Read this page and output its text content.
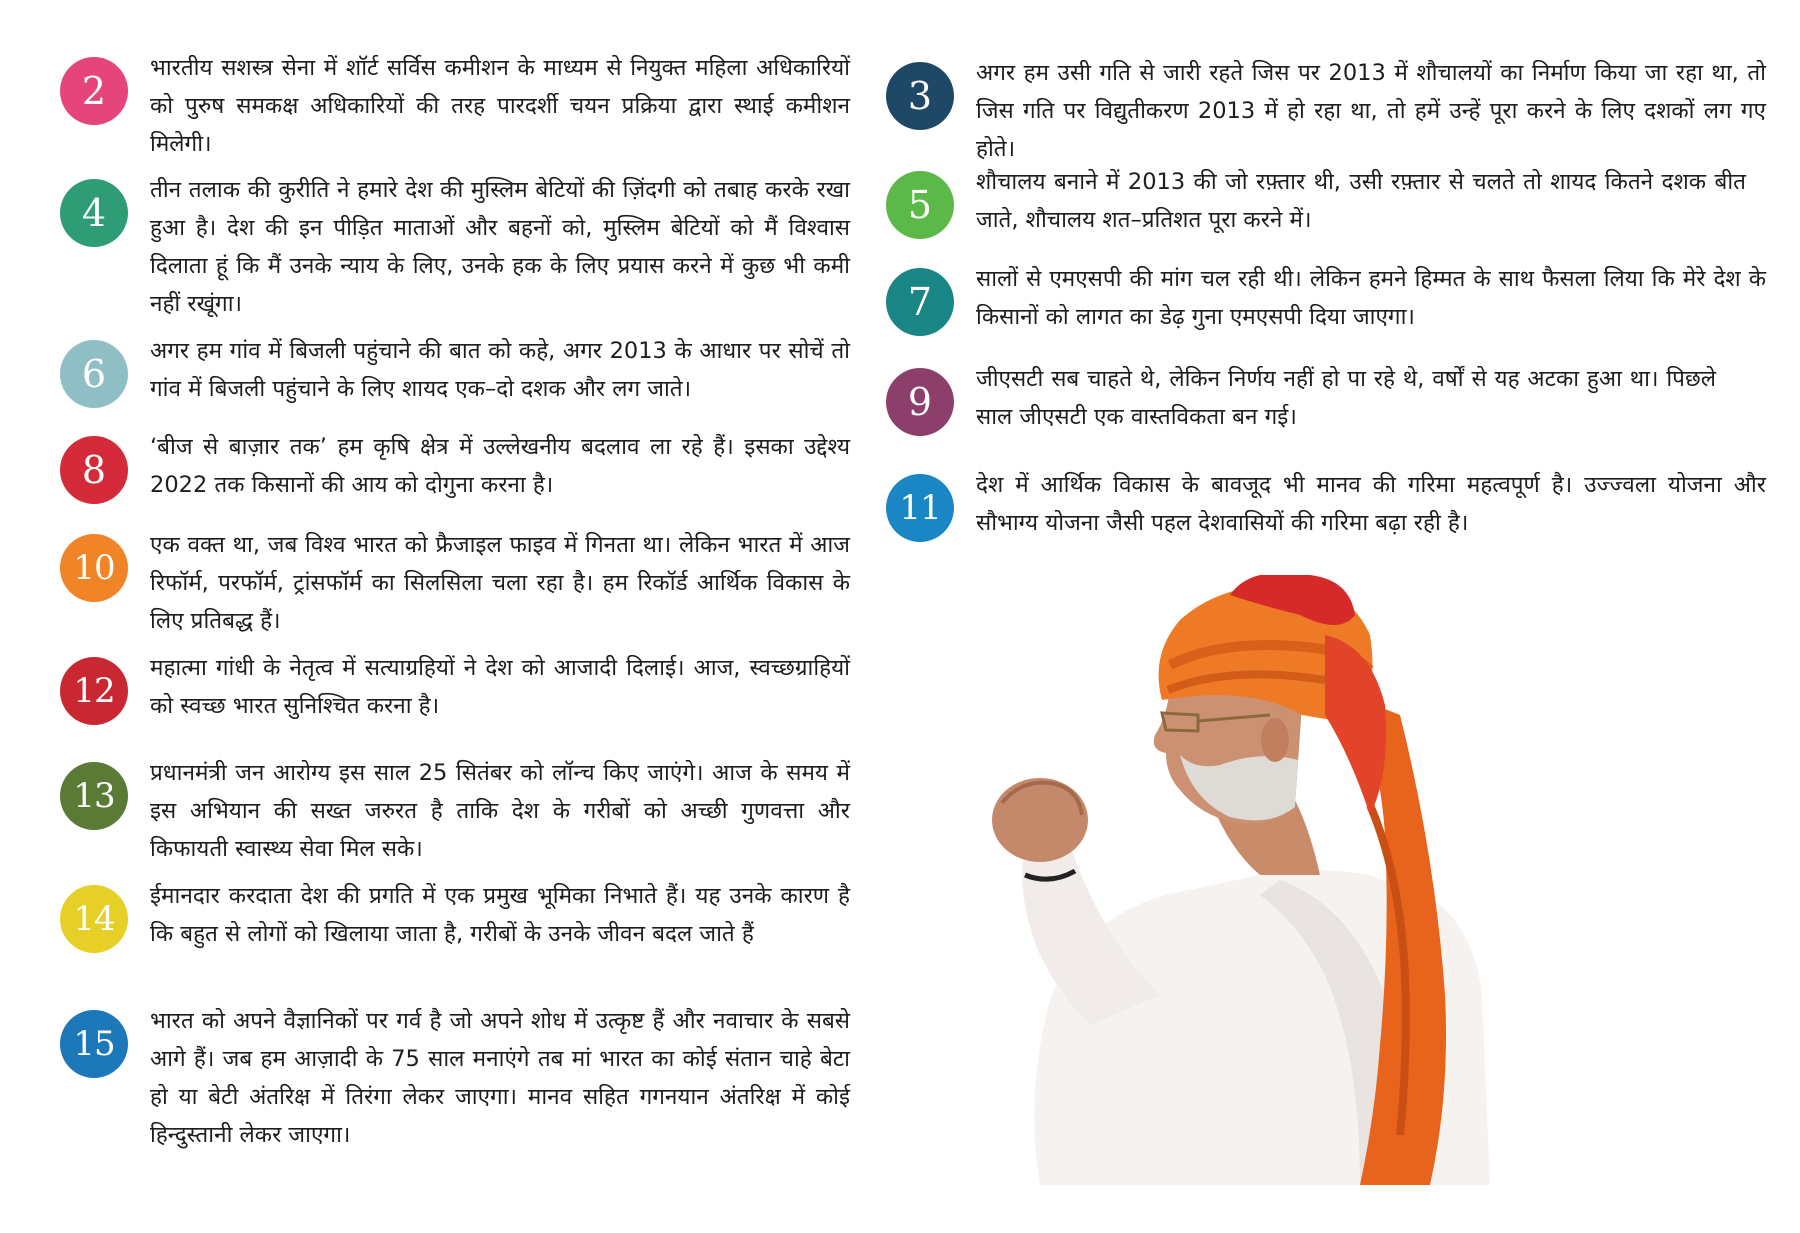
2
भारतीय सशस्त्र सेना में शॉर्ट सर्विस कमीशन के माध्यम से नियुक्त महिला अधिकारियों को पुरुष समकक्ष अधिकारियों की तरह पारदर्शी चयन प्रक्रिया द्वारा स्थाई कमीशन मिलेगी।
4
तीन तलाक की कुरीति ने हमारे देश की मुस्लिम बेटियों की ज़िंदगी को तबाह करके रखा हुआ है। देश की इन पीड़ित माताओं और बहनों को, मुस्लिम बेटियों को मैं विश्वास दिलाता हूं कि मैं उनके न्याय के लिए, उनके हक के लिए प्रयास करने में कुछ भी कमी नहीं रखूंगा।
6
अगर हम गांव में बिजली पहुंचाने की बात को कहे, अगर 2013 के आधार पर सोचें तो गांव में बिजली पहुंचाने के लिए शायद एक–दो दशक और लग जाते।
8
‘बीज से बाज़ार तक’ हम कृषि क्षेत्र में उल्लेखनीय बदलाव ला रहे हैं। इसका उद्देश्य 2022 तक किसानों की आय को दोगुना करना है।
10
एक वक्त था, जब विश्व भारत को फ्रैजाइल फाइव में गिनता था। लेकिन भारत में आज रिफॉर्म, परफॉर्म, ट्रांसफॉर्म का सिलसिला चला रहा है। हम रिकॉर्ड आर्थिक विकास के लिए प्रतिबद्ध हैं।
12
महात्मा गांधी के नेतृत्व में सत्याग्रहियों ने देश को आजादी दिलाई। आज, स्वच्छग्राहियों को स्वच्छ भारत सुनिश्चित करना है।
13
प्रधानमंत्री जन आरोग्य इस साल 25 सितंबर को लॉन्च किए जाएंगे। आज के समय में इस अभियान की सख्त जरुरत है ताकि देश के गरीबों को अच्छी गुणवत्ता और किफायती स्वास्थ्य सेवा मिल सके।
14
ईमानदार करदाता देश की प्रगति में एक प्रमुख भूमिका निभाते हैं। यह उनके कारण है कि बहुत से लोगों को खिलाया जाता है, गरीबों के उनके जीवन बदल जाते हैं
15
भारत को अपने वैज्ञानिकों पर गर्व है जो अपने शोध में उत्कृष्ट हैं और नवाचार के सबसे आगे हैं। जब हम आज़ादी के 75 साल मनाएंगे तब मां भारत का कोई संतान चाहे बेटा हो या बेटी अंतरिक्ष में तिरंगा लेकर जाएगा। मानव सहित गगनयान अंतरिक्ष में कोई हिन्दुस्तानी लेकर जाएगा।
3
अगर हम उसी गति से जारी रहते जिस पर 2013 में शौचालयों का निर्माण किया जा रहा था, तो जिस गति पर विद्युतीकरण 2013 में हो रहा था, तो हमें उन्हें पूरा करने के लिए दशकों लग गए होते।
5
शौचालय बनाने में 2013 की जो रफ़्तार थी, उसी रफ़्तार से चलते तो शायद कितने दशक बीत जाते, शौचालय शत–प्रतिशत पूरा करने में।
7
सालों से एमएसपी की मांग चल रही थी। लेकिन हमने हिम्मत के साथ फैसला लिया कि मेरे देश के किसानों को लागत का डेढ़ गुना एमएसपी दिया जाएगा।
9
जीएसटी सब चाहते थे, लेकिन निर्णय नहीं हो पा रहे थे, वर्षों से यह अटका हुआ था। पिछले साल जीएसटी एक वास्तविकता बन गई।
11
देश में आर्थिक विकास के बावजूद भी मानव की गरिमा महत्वपूर्ण है। उज्ज्वला योजना और सौभाग्य योजना जैसी पहल देशवासियों की गरिमा बढ़ा रही है।
